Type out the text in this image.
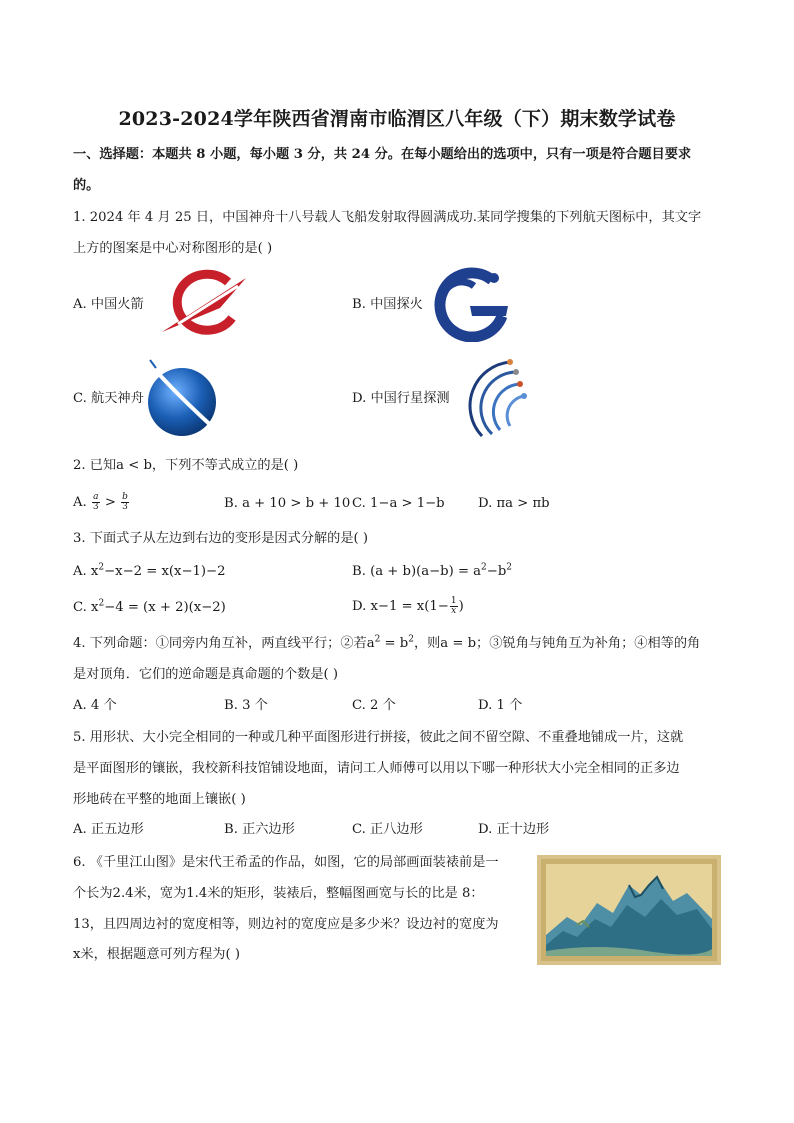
2023-2024学年陕西省渭南市临渭区八年级（下）期末数学试卷
一、选择题：本题共 8 小题，每小题 3 分，共 24 分。在每小题给出的选项中，只有一项是符合题目要求
的。
1. 2024 年 4 月 25 日，中国神舟十八号载人飞船发射取得圆满成功.某同学搜集的下列航天图标中，其文字
上方的图案是中心对称图形的是( )
A. 中国火箭	B. 中国探火
C. 航天神舟	D. 中国行星探测
2. 已知a < b，下列不等式成立的是( )
A. $\frac{a}{3} > \frac{b}{3}$	B. a + 10 > b + 10 C. 1−a > 1−b	D. πa > πb
3. 下面式子从左边到右边的变形是因式分解的是( )
A. $x^2-x-2 = x(x-1)-2$	B. $(a + b)(a-b) = a^2-b^2$
C. $x^2-4 = (x + 2)(x-2)$	D. $x-1 = x(1- \frac{1}{x}$ )
4. 下列命题：①同旁内角互补，两直线平行；②若$a^2 = b^2$，则a = b；③锐角与钝角互为补角；④相等的角
是对顶角．它们的逆命题是真命题的个数是( )
A. 4 个	B. 3 个	C. 2 个	D. 1 个
5. 用形状、大小完全相同的一种或几种平面图形进行拼接，彼此之间不留空隙、不重叠地铺成一片，这就
是平面图形的镶嵌，我校新科技馆铺设地面，请问工人师傅可以用以下哪一种形状大小完全相同的正多边
形地砖在平整的地面上镶嵌( )
A. 正五边形	B. 正六边形	C. 正八边形	D. 正十边形
6. 《千里江山图》是宋代王希孟的作品，如图，它的局部画面装裱前是一
个长为2.4米，宽为1.4米的矩形，装裱后，整幅图画宽与长的比是 8：
13，且四周边衬的宽度相等，则边衬的宽度应是多少米？设边衬的宽度为
x米，根据题意可列方程为( )
